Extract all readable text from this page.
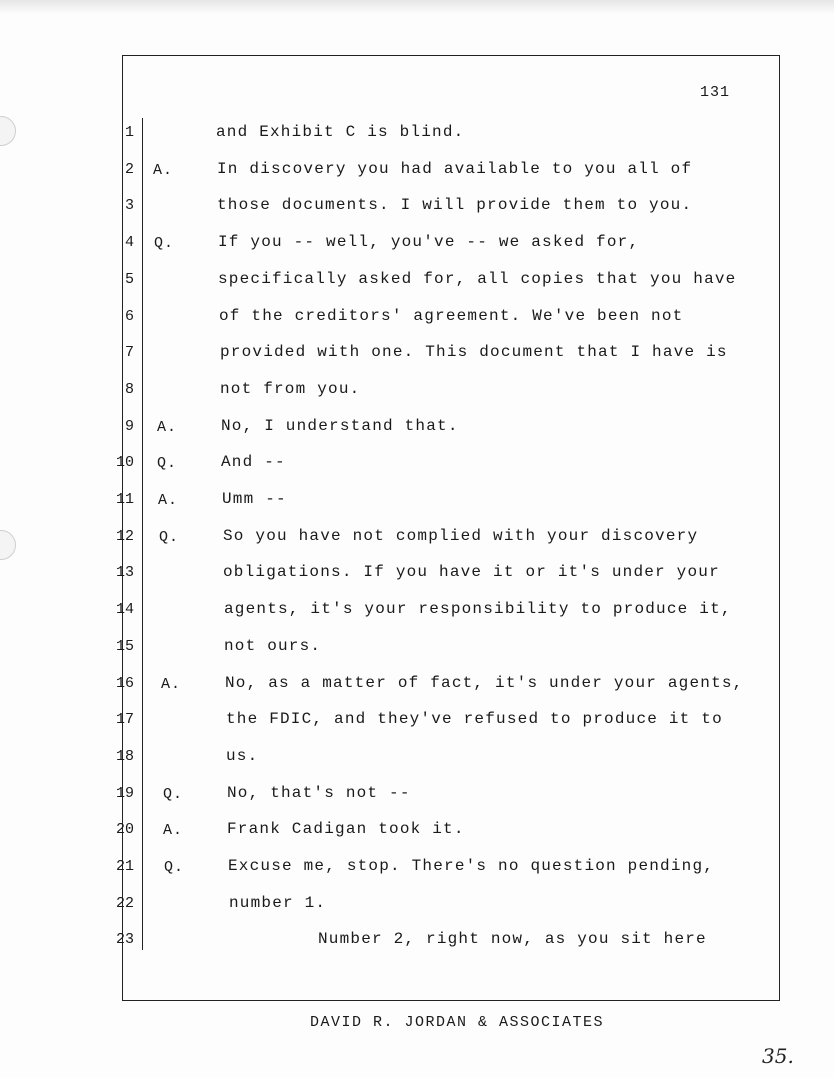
131
1	and Exhibit C is blind.
2 A.	In discovery you had available to you all of
3	those documents. I will provide them to you.
4 Q.	If you -- well, you've -- we asked for,
5	specifically asked for, all copies that you have
6	of the creditors' agreement. We've been not
7	provided with one. This document that I have is
8	not from you.
9 A.	No, I understand that.
10 Q.	And --
11 A.	Umm --
12 Q.	So you have not complied with your discovery
13	obligations. If you have it or it's under your
14	agents, it's your responsibility to produce it,
15	not ours.
16 A.	No, as a matter of fact, it's under your agents,
17	the FDIC, and they've refused to produce it to
18	us.
19 Q.	No, that's not --
20 A.	Frank Cadigan took it.
21 Q.	Excuse me, stop. There's no question pending,
22	number 1.
23	Number 2, right now, as you sit here
DAVID R. JORDAN & ASSOCIATES
35.
